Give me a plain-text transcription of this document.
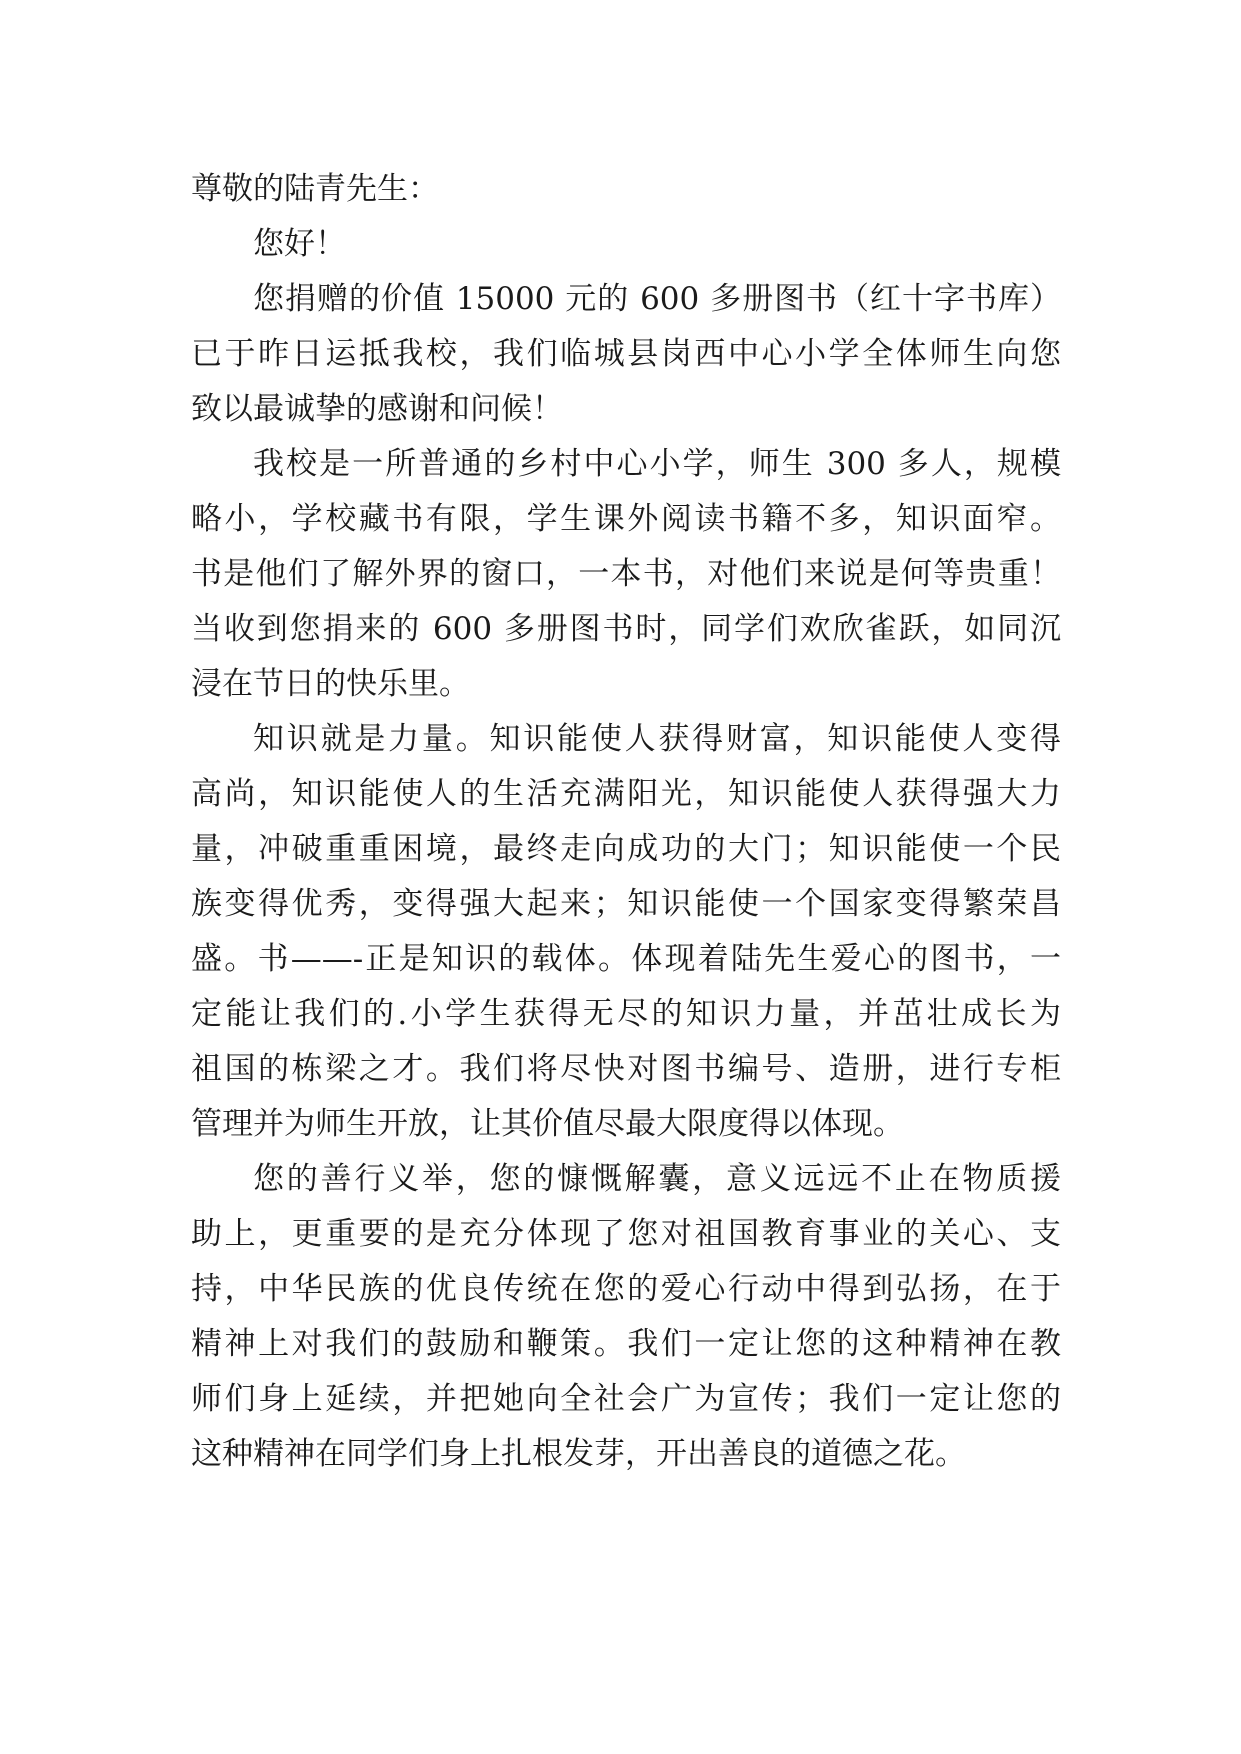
尊敬的陆青先生：
您好！
您捐赠的价值 15000 元的 600 多册图书（红十字书库）
已于昨日运抵我校，我们临城县岗西中心小学全体师生向您
致以最诚挚的感谢和问候！
我校是一所普通的乡村中心小学，师生 300 多人，规模
略小，学校藏书有限，学生课外阅读书籍不多，知识面窄。
书是他们了解外界的窗口，一本书，对他们来说是何等贵重！
当收到您捐来的 600 多册图书时，同学们欢欣雀跃，如同沉
浸在节日的快乐里。
知识就是力量。知识能使人获得财富，知识能使人变得
高尚，知识能使人的生活充满阳光，知识能使人获得强大力
量，冲破重重困境，最终走向成功的大门；知识能使一个民
族变得优秀，变得强大起来；知识能使一个国家变得繁荣昌
盛。书——-正是知识的载体。体现着陆先生爱心的图书，一
定能让我们的.小学生获得无尽的知识力量，并茁壮成长为
祖国的栋梁之才。我们将尽快对图书编号、造册，进行专柜
管理并为师生开放，让其价值尽最大限度得以体现。
您的善行义举，您的慷慨解囊，意义远远不止在物质援
助上，更重要的是充分体现了您对祖国教育事业的关心、支
持，中华民族的优良传统在您的爱心行动中得到弘扬，在于
精神上对我们的鼓励和鞭策。我们一定让您的这种精神在教
师们身上延续，并把她向全社会广为宣传；我们一定让您的
这种精神在同学们身上扎根发芽，开出善良的道德之花。
